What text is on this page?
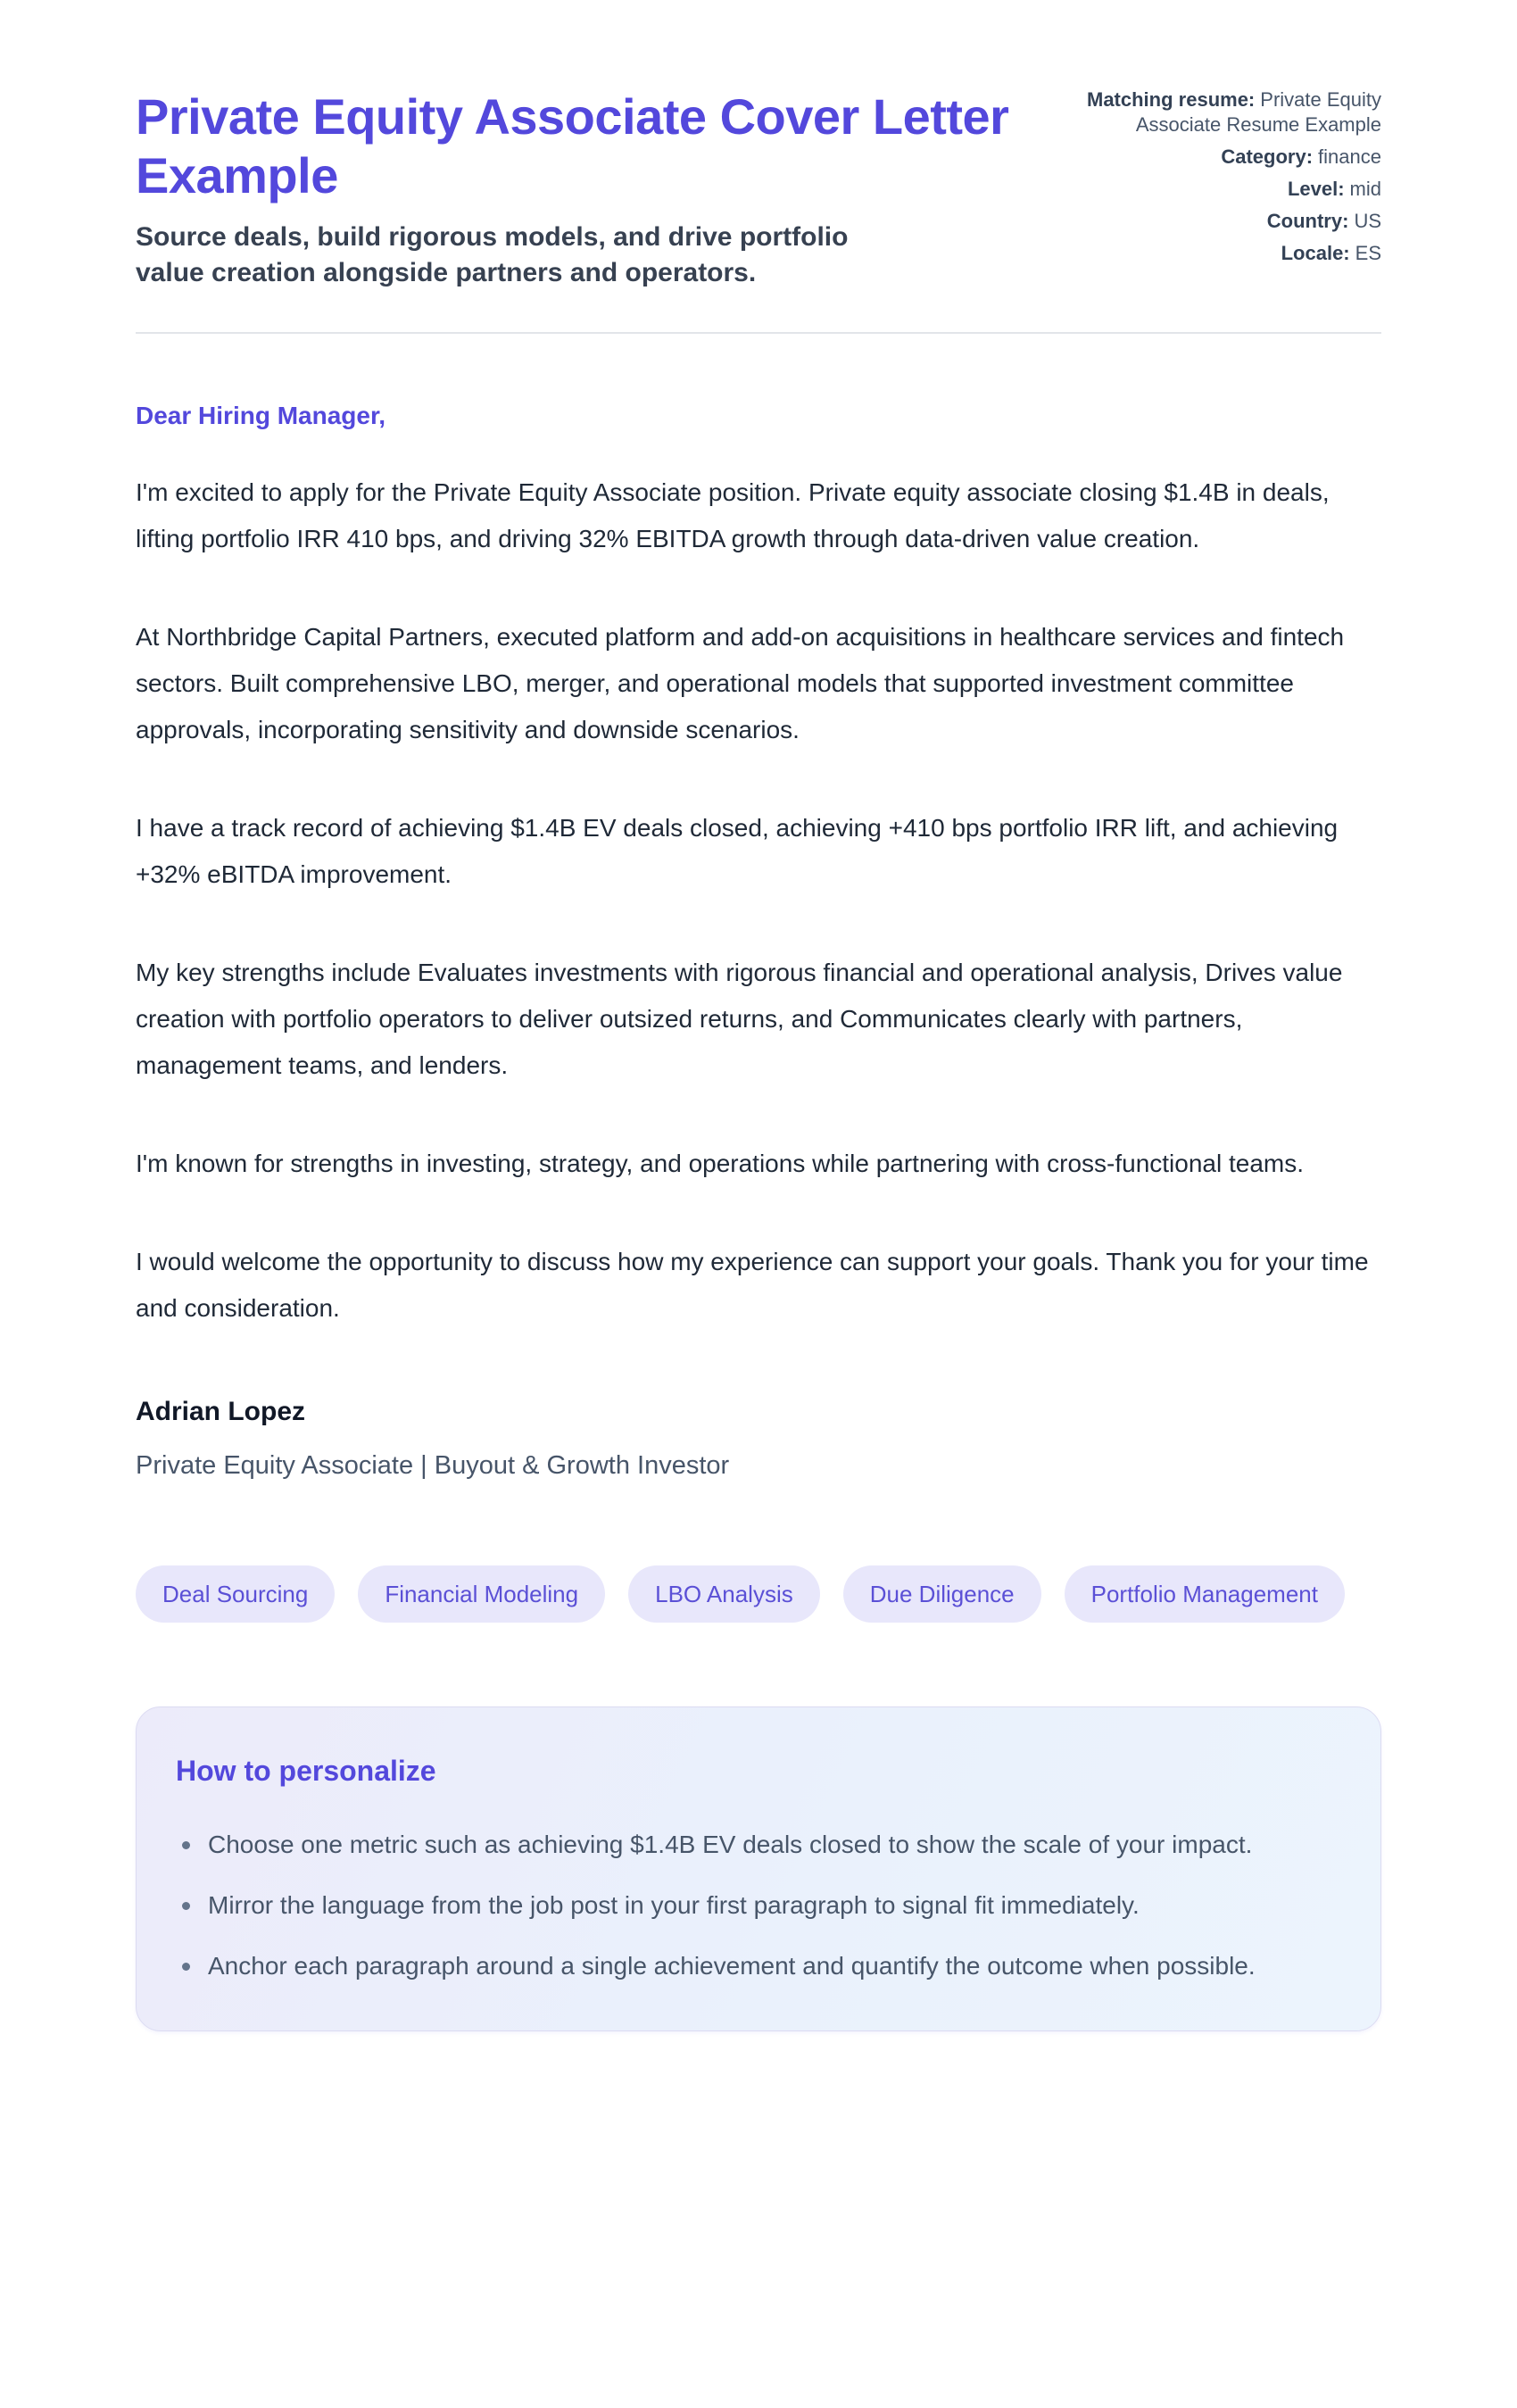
Private Equity Associate Cover Letter Example

Source deals, build rigorous models, and drive portfolio value creation alongside partners and operators.

Matching resume: Private Equity Associate Resume Example
Category: finance
Level: mid
Country: US
Locale: ES

Dear Hiring Manager,

I'm excited to apply for the Private Equity Associate position. Private equity associate closing $1.4B in deals, lifting portfolio IRR 410 bps, and driving 32% EBITDA growth through data-driven value creation.

At Northbridge Capital Partners, executed platform and add-on acquisitions in healthcare services and fintech sectors. Built comprehensive LBO, merger, and operational models that supported investment committee approvals, incorporating sensitivity and downside scenarios.

I have a track record of achieving $1.4B EV deals closed, achieving +410 bps portfolio IRR lift, and achieving +32% eBITDA improvement.

My key strengths include Evaluates investments with rigorous financial and operational analysis, Drives value creation with portfolio operators to deliver outsized returns, and Communicates clearly with partners, management teams, and lenders.

I'm known for strengths in investing, strategy, and operations while partnering with cross-functional teams.

I would welcome the opportunity to discuss how my experience can support your goals. Thank you for your time and consideration.

Adrian Lopez
Private Equity Associate | Buyout & Growth Investor
Deal Sourcing	Financial Modeling	LBO Analysis	Due Diligence	Portfolio Management
How to personalize
Choose one metric such as achieving $1.4B EV deals closed to show the scale of your impact.
Mirror the language from the job post in your first paragraph to signal fit immediately.
Anchor each paragraph around a single achievement and quantify the outcome when possible.
